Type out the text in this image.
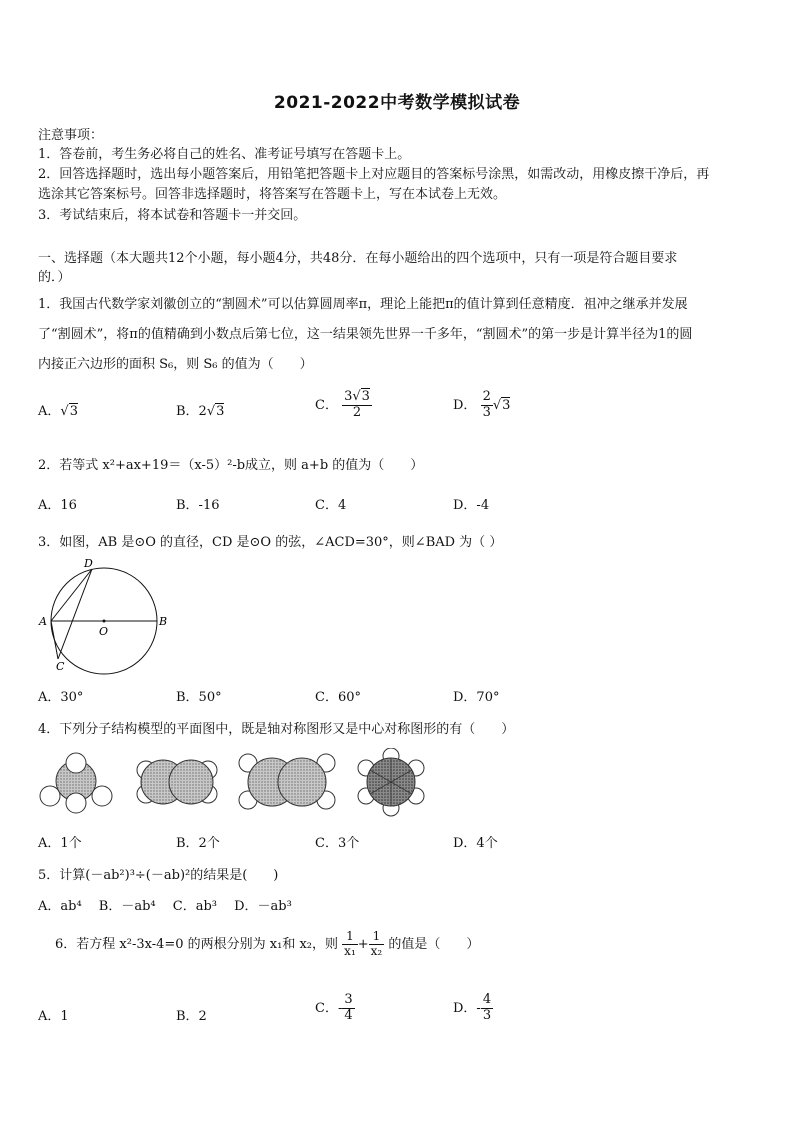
2021-2022中考数学模拟试卷
注意事项：
1．答卷前，考生务必将自己的姓名、准考证号填写在答题卡上。
2．回答选择题时，选出每小题答案后，用铅笔把答题卡上对应题目的答案标号涂黑，如需改动，用橡皮擦干净后，再
选涂其它答案标号。回答非选择题时，将答案写在答题卡上，写在本试卷上无效。
3．考试结束后，将本试卷和答题卡一并交回。
一、选择题（本大题共12个小题，每小题4分，共48分．在每小题给出的四个选项中，只有一项是符合题目要求
的．）
1．我国古代数学家刘徽创立的“割圆术”可以估算圆周率π，理论上能把π的值计算到任意精度．祖冲之继承并发展
了“割圆术”，将π的值精确到小数点后第七位，这一结果领先世界一千多年，“割圆术”的第一步是计算半径为1的圆
内接正六边形的面积 S₆，则 S₆ 的值为（　　）
A．√3	B．2√3	C． $\frac{3√3}{2}$	D． $\frac{2}{3} √3$
2．若等式 x²+ax+19＝（x-5）²-b成立，则 a+b 的值为（　　）
A．16	B．-16	C．4	D．-4
3．如图，AB 是⊙O 的直径，CD 是⊙O 的弦，∠ACD=30°，则∠BAD 为（ ）
A	B
C
D
O
A．30°	B．50°	C．60°	D．70°
4．下列分子结构模型的平面图中，既是轴对称图形又是中心对称图形的有（　　）
A．1个	B．2个	C．3个	D．4个
5．计算(－ab²)³÷(－ab)²的结果是(　　)
A．ab⁴　 B．－ab⁴　 C．ab³　 D．－ab³
6．若方程 x²-3x-4=0 的两根分别为 x₁和 x₂，则 $\frac{1}{\text{x₁}} + \frac{1}{\text{x₂}}$ 的值是（　　）
A．1	B．2
C．- $\frac{3}{4}$	D．- $\frac{4}{3}$
